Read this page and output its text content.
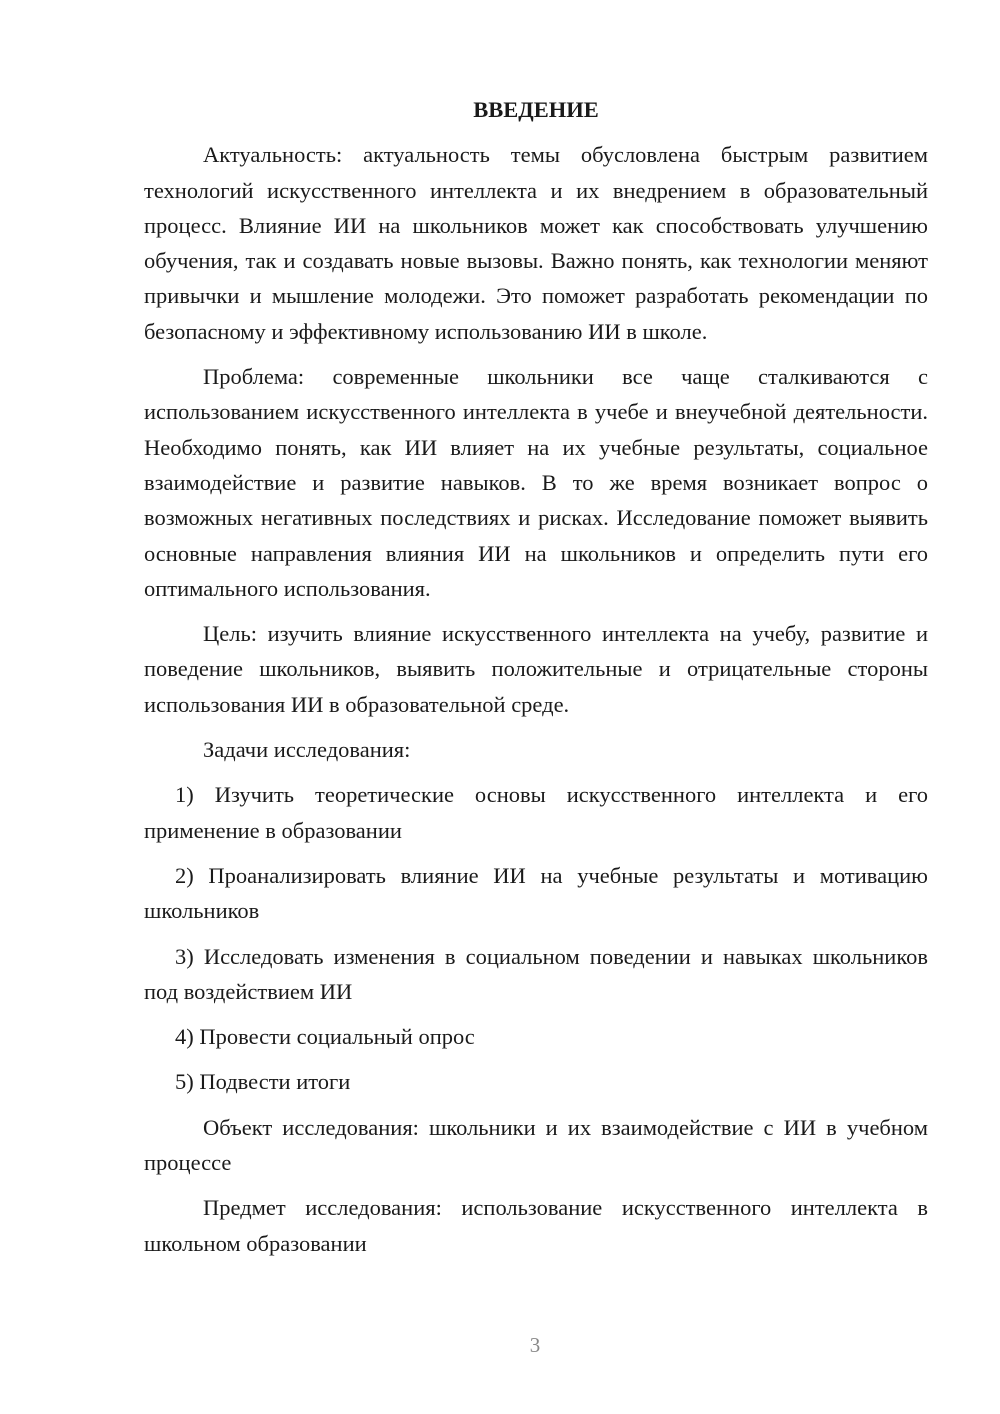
ВВЕДЕНИЕ

Актуальность: актуальность темы обусловлена быстрым развитием технологий искусственного интеллекта и их внедрением в образовательный процесс. Влияние ИИ на школьников может как способствовать улучшению обучения, так и создавать новые вызовы. Важно понять, как технологии меняют привычки и мышление молодежи. Это поможет разработать рекомендации по безопасному и эффективному использованию ИИ в школе.

Проблема: современные школьники все чаще сталкиваются с использованием искусственного интеллекта в учебе и внеучебной деятельности. Необходимо понять, как ИИ влияет на их учебные результаты, социальное взаимодействие и развитие навыков. В то же время возникает вопрос о возможных негативных последствиях и рисках. Исследование поможет выявить основные направления влияния ИИ на школьников и определить пути его оптимального использования.

Цель: изучить влияние искусственного интеллекта на учебу, развитие и поведение школьников, выявить положительные и отрицательные стороны использования ИИ в образовательной среде.

Задачи исследования:

1) Изучить теоретические основы искусственного интеллекта и его применение в образовании

2) Проанализировать влияние ИИ на учебные результаты и мотивацию школьников

3) Исследовать изменения в социальном поведении и навыках школьников под воздействием ИИ

4) Провести социальный опрос

5) Подвести итоги

Объект исследования: школьники и их взаимодействие с ИИ в учебном процессе

Предмет исследования: использование искусственного интеллекта в школьном образовании

3
